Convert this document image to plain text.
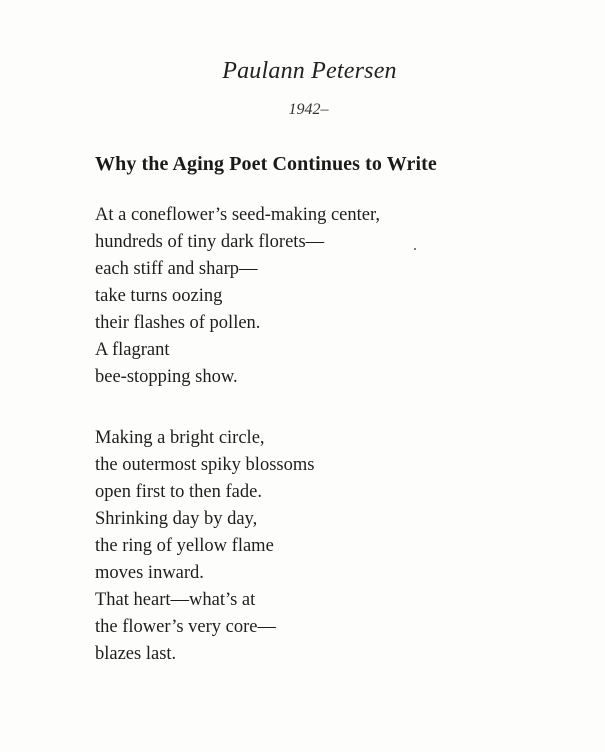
Paulann Petersen
1942–
Why the Aging Poet Continues to Write
At a coneflower’s seed-making center,
hundreds of tiny dark florets—
each stiff and sharp—
take turns oozing
their flashes of pollen.
A flagrant
bee-stopping show.
Making a bright circle,
the outermost spiky blossoms
open first to then fade.
Shrinking day by day,
the ring of yellow flame
moves inward.
That heart—what’s at
the flower’s very core—
blazes last.
